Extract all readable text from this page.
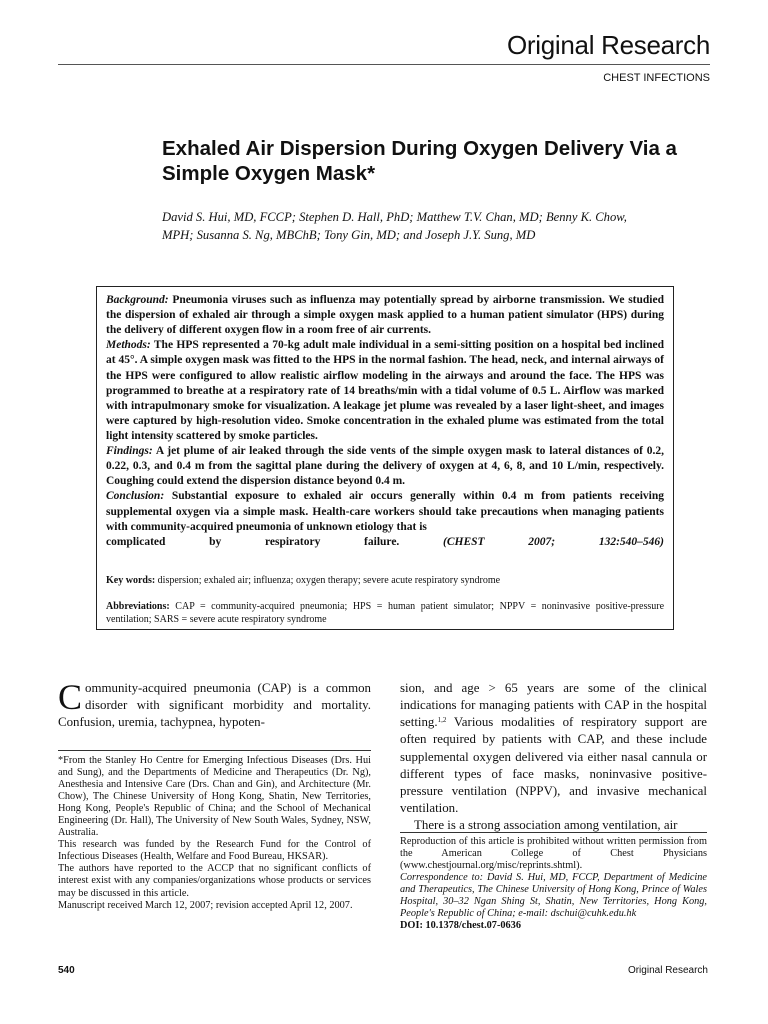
Original Research
CHEST INFECTIONS
Exhaled Air Dispersion During Oxygen Delivery Via a Simple Oxygen Mask*
David S. Hui, MD, FCCP; Stephen D. Hall, PhD; Matthew T.V. Chan, MD; Benny K. Chow, MPH; Susanna S. Ng, MBChB; Tony Gin, MD; and Joseph J.Y. Sung, MD

Background: Pneumonia viruses such as influenza may potentially spread by airborne transmission. We studied the dispersion of exhaled air through a simple oxygen mask applied to a human patient simulator (HPS) during the delivery of different oxygen flow in a room free of air currents.

Methods: The HPS represented a 70-kg adult male individual in a semi-sitting position on a hospital bed inclined at 45°. A simple oxygen mask was fitted to the HPS in the normal fashion. The head, neck, and internal airways of the HPS were configured to allow realistic airflow modeling in the airways and around the face. The HPS was programmed to breathe at a respiratory rate of 14 breaths/min with a tidal volume of 0.5 L. Airflow was marked with intrapulmonary smoke for visualization. A leakage jet plume was revealed by a laser light-sheet, and images were captured by high-resolution video. Smoke concentration in the exhaled plume was estimated from the total light intensity scattered by smoke particles.

Findings: A jet plume of air leaked through the side vents of the simple oxygen mask to lateral distances of 0.2, 0.22, 0.3, and 0.4 m from the sagittal plane during the delivery of oxygen at 4, 6, 8, and 10 L/min, respectively. Coughing could extend the dispersion distance beyond 0.4 m.

Conclusion: Substantial exposure to exhaled air occurs generally within 0.4 m from patients receiving supplemental oxygen via a simple mask. Health-care workers should take precautions when managing patients with community-acquired pneumonia of unknown etiology that is

complicated by respiratory failure.	(CHEST 2007; 132:540–546)

Key words: dispersion; exhaled air; influenza; oxygen therapy; severe acute respiratory syndrome
Abbreviations: CAP = community-acquired pneumonia; HPS = human patient simulator; NPPV = noninvasive positive-pressure ventilation; SARS = severe acute respiratory syndrome
Community-acquired pneumonia (CAP) is a common disorder with significant morbidity and mortality. Confusion, uremia, tachypnea, hypoten-

*From the Stanley Ho Centre for Emerging Infectious Diseases (Drs. Hui and Sung), and the Departments of Medicine and Therapeutics (Dr. Ng), Anesthesia and Intensive Care (Drs. Chan and Gin), and Architecture (Mr. Chow), The Chinese University of Hong Kong, Shatin, New Territories, Hong Kong, People's Republic of China; and the School of Mechanical Engineering (Dr. Hall), The University of New South Wales, Sydney, NSW, Australia.

This research was funded by the Research Fund for the Control of Infectious Diseases (Health, Welfare and Food Bureau, HKSAR).

The authors have reported to the ACCP that no significant conflicts of interest exist with any companies/organizations whose products or services may be discussed in this article.

Manuscript received March 12, 2007; revision accepted April 12, 2007.

sion, and age > 65 years are some of the clinical indications for managing patients with CAP in the hospital setting.$^{1,2}$ Various modalities of respiratory support are often required by patients with CAP, and these include supplemental oxygen delivered via either nasal cannula or different types of face masks, noninvasive positive-pressure ventilation (NPPV), and invasive mechanical ventilation.

There is a strong association among ventilation, air

Reproduction of this article is prohibited without written permission from the American College of Chest Physicians (www.chestjournal.org/misc/reprints.shtml).

Correspondence to: David S. Hui, MD, FCCP, Department of Medicine and Therapeutics, The Chinese University of Hong Kong, Prince of Wales Hospital, 30–32 Ngan Shing St, Shatin, New Territories, Hong Kong, People's Republic of China; e-mail: dschui@cuhk.edu.hk

DOI: 10.1378/chest.07-0636

540	Original Research
